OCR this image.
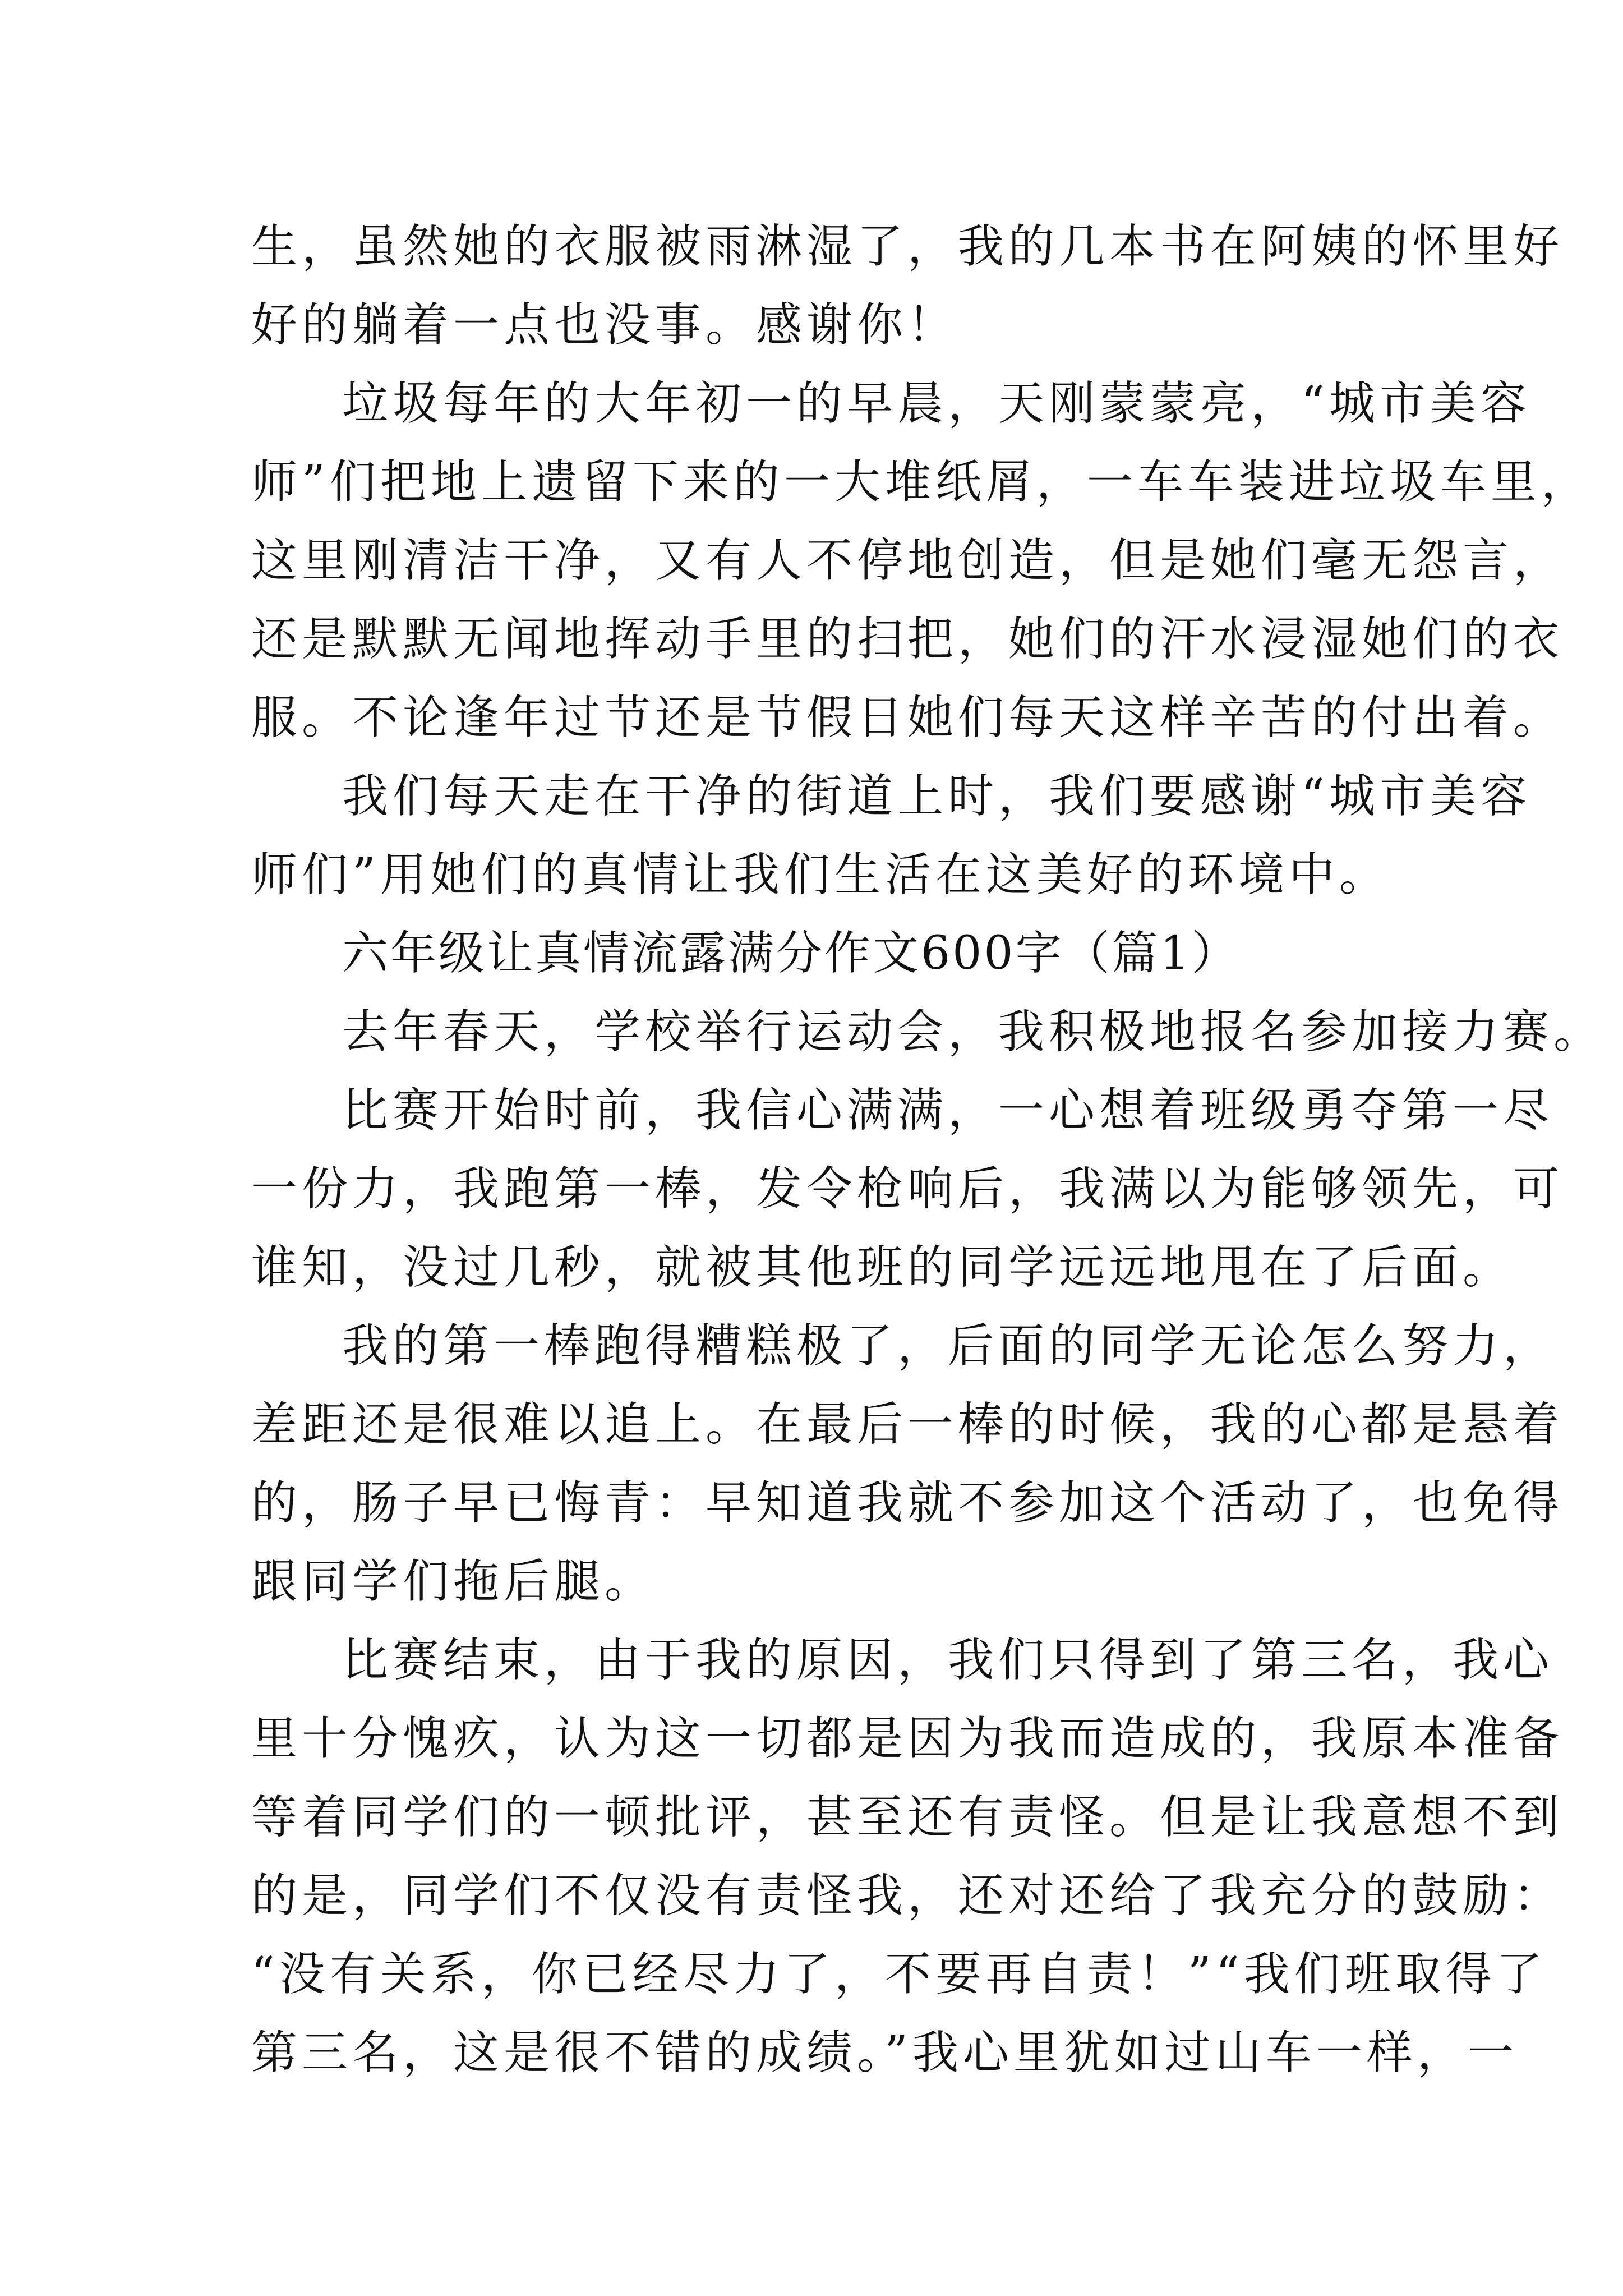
生，虽然她的衣服被雨淋湿了，我的几本书在阿姨的怀里好

好的躺着一点也没事。感谢你！

垃圾每年的大年初一的早晨，天刚蒙蒙亮，“城市美容

师”们把地上遗留下来的一大堆纸屑，一车车装进垃圾车里，

这里刚清洁干净，又有人不停地创造，但是她们毫无怨言，

还是默默无闻地挥动手里的扫把，她们的汗水浸湿她们的衣

服。不论逢年过节还是节假日她们每天这样辛苦的付出着。

我们每天走在干净的街道上时，我们要感谢“城市美容

师们”用她们的真情让我们生活在这美好的环境中。

六年级让真情流露满分作文600字（篇1）

去年春天，学校举行运动会，我积极地报名参加接力赛。

比赛开始时前，我信心满满，一心想着班级勇夺第一尽

一份力，我跑第一棒，发令枪响后，我满以为能够领先，可

谁知，没过几秒，就被其他班的同学远远地甩在了后面。

我的第一棒跑得糟糕极了，后面的同学无论怎么努力，

差距还是很难以追上。在最后一棒的时候，我的心都是悬着

的，肠子早已悔青：早知道我就不参加这个活动了，也免得

跟同学们拖后腿。

比赛结束，由于我的原因，我们只得到了第三名，我心

里十分愧疚，认为这一切都是因为我而造成的，我原本准备

等着同学们的一顿批评，甚至还有责怪。但是让我意想不到

的是，同学们不仅没有责怪我，还对还给了我充分的鼓励：

“没有关系，你已经尽力了，不要再自责！”“我们班取得了

第三名，这是很不错的成绩。”我心里犹如过山车一样，一
